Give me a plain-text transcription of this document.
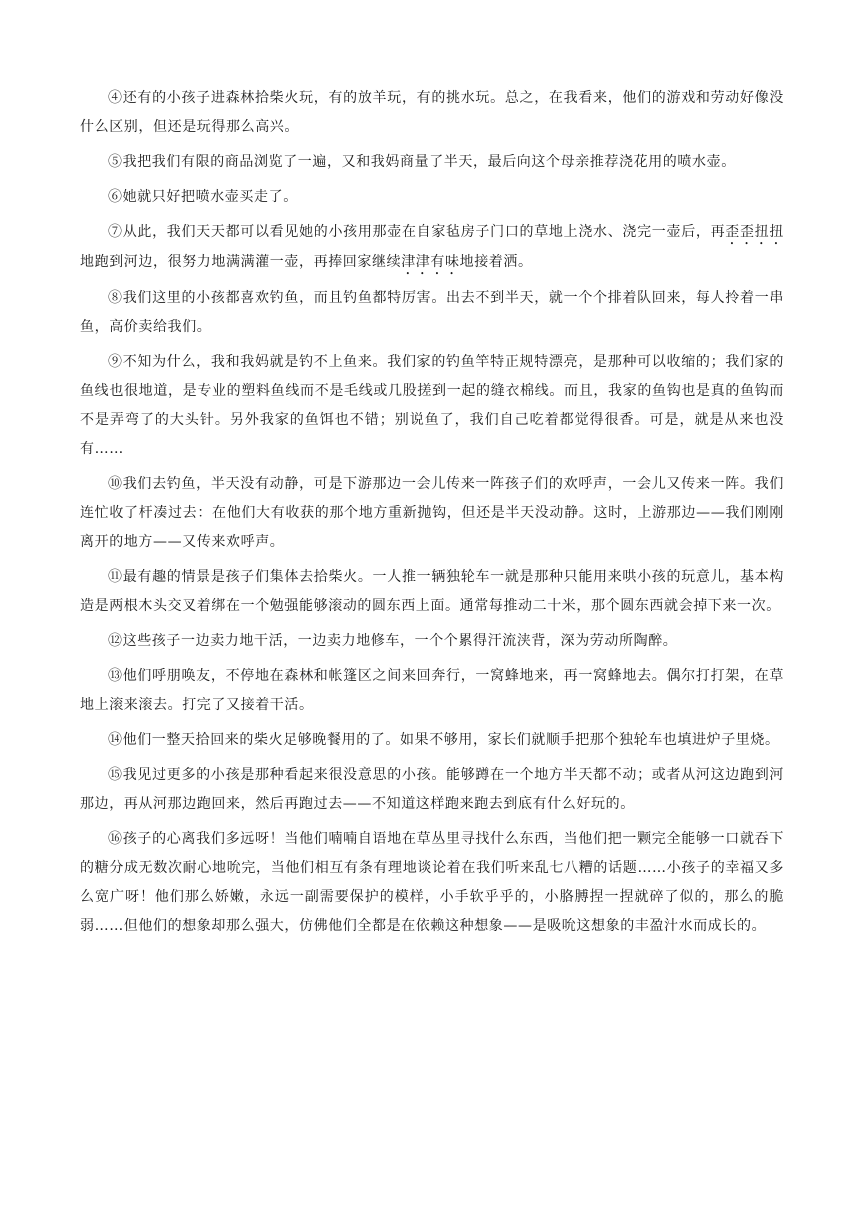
④还有的小孩子进森林拾柴火玩，有的放羊玩，有的挑水玩。总之，在我看来，他们的游戏和劳动好像没什么区别，但还是玩得那么高兴。

⑤我把我们有限的商品浏览了一遍，又和我妈商量了半天，最后向这个母亲推荐浇花用的喷水壶。

⑥她就只好把喷水壶买走了。

⑦从此，我们天天都可以看见她的小孩用那壶在自家毡房子门口的草地上浇水、浇完一壶后，再歪歪扭扭地跑到河边，很努力地满满灌一壶，再捧回家继续津津有味地接着洒。

⑧我们这里的小孩都喜欢钓鱼，而且钓鱼都特厉害。出去不到半天，就一个个排着队回来，每人拎着一串鱼，高价卖给我们。

⑨不知为什么，我和我妈就是钓不上鱼来。我们家的钓鱼竿特正规特漂亮，是那种可以收缩的；我们家的鱼线也很地道，是专业的塑料鱼线而不是毛线或几股搓到一起的缝衣棉线。而且，我家的鱼钩也是真的鱼钩而不是弄弯了的大头针。另外我家的鱼饵也不错；别说鱼了，我们自己吃着都觉得很香。可是，就是从来也没有……

⑩我们去钓鱼，半天没有动静，可是下游那边一会儿传来一阵孩子们的欢呼声，一会儿又传来一阵。我们连忙收了杆凑过去：在他们大有收获的那个地方重新抛钩，但还是半天没动静。这时，上游那边——我们刚刚离开的地方——又传来欢呼声。

⑪最有趣的情景是孩子们集体去拾柴火。一人推一辆独轮车一就是那种只能用来哄小孩的玩意儿，基本构造是两根木头交叉着绑在一个勉强能够滚动的圆东西上面。通常每推动二十米，那个圆东西就会掉下来一次。

⑫这些孩子一边卖力地干活，一边卖力地修车，一个个累得汗流浃背，深为劳动所陶醉。

⑬他们呼朋唤友，不停地在森林和帐篷区之间来回奔行，一窝蜂地来，再一窝蜂地去。偶尔打打架，在草地上滚来滚去。打完了又接着干活。

⑭他们一整天拾回来的柴火足够晚餐用的了。如果不够用，家长们就顺手把那个独轮车也填进炉子里烧。

⑮我见过更多的小孩是那种看起来很没意思的小孩。能够蹲在一个地方半天都不动；或者从河这边跑到河那边，再从河那边跑回来，然后再跑过去——不知道这样跑来跑去到底有什么好玩的。

⑯孩子的心离我们多远呀！当他们喃喃自语地在草丛里寻找什么东西，当他们把一颗完全能够一口就吞下的糖分成无数次耐心地吮完，当他们相互有条有理地谈论着在我们听来乱七八糟的话题……小孩子的幸福又多么宽广呀！他们那么娇嫩，永远一副需要保护的模样，小手软乎乎的，小胳膊捏一捏就碎了似的，那么的脆弱……但他们的想象却那么强大，仿佛他们全都是在依赖这种想象——是吸吮这想象的丰盈汁水而成长的。
